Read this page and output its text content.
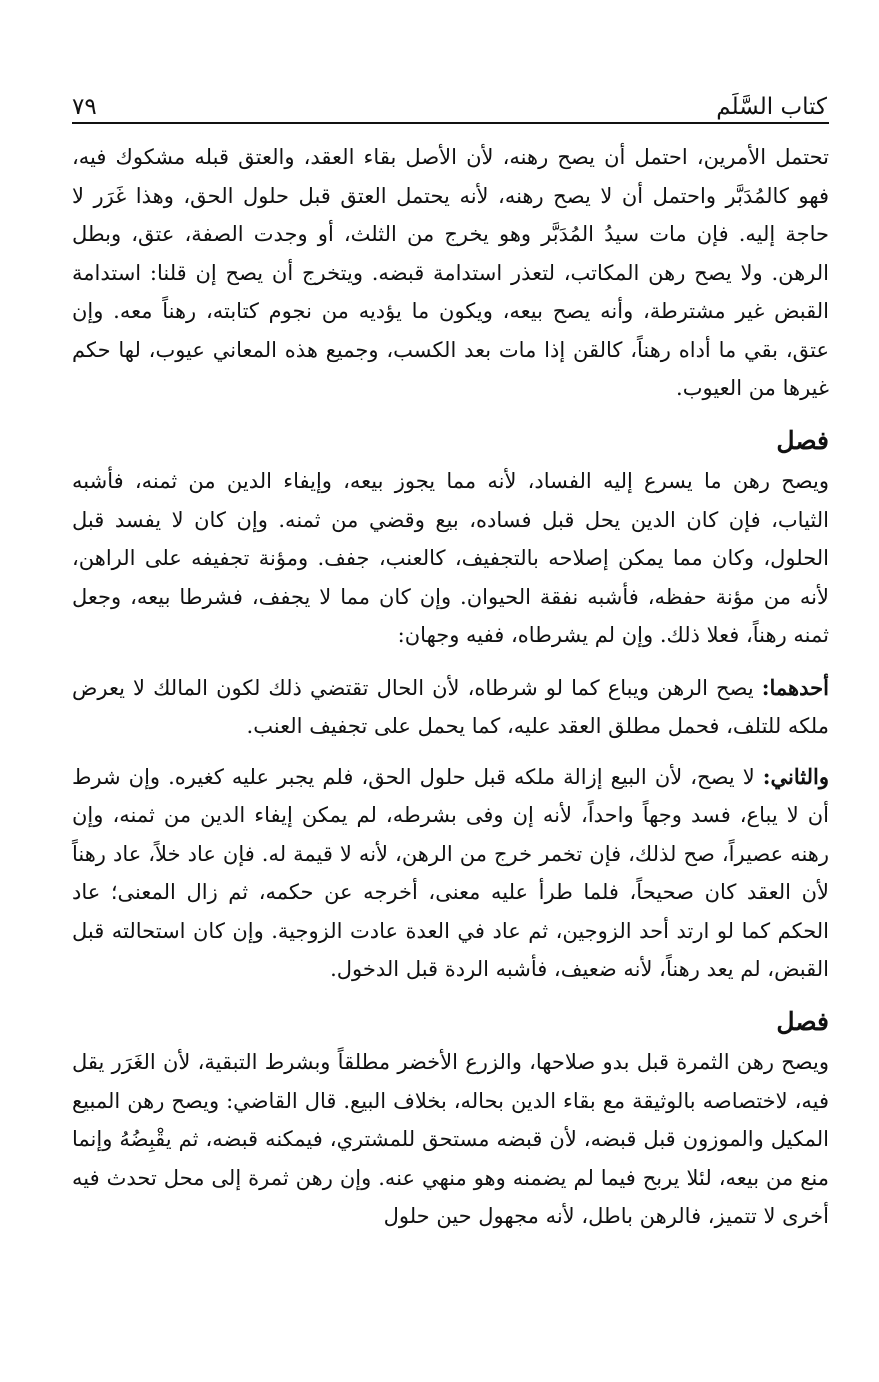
كتاب السَّلَم
٧٩

تحتمل الأمرين، احتمل أن يصح رهنه، لأن الأصل بقاء العقد، والعتق قبله مشكوك فيه، فهو كالمُدَبَّر واحتمل أن لا يصح رهنه، لأنه يحتمل العتق قبل حلول الحق، وهذا غَرَر لا حاجة إليه. فإن مات سيدُ المُدَبَّر وهو يخرج من الثلث، أو وجدت الصفة، عتق، وبطل الرهن. ولا يصح رهن المكاتب، لتعذر استدامة قبضه. ويتخرج أن يصح إن قلنا: استدامة القبض غير مشترطة، وأنه يصح بيعه، ويكون ما يؤديه من نجوم كتابته، رهناً معه. وإن عتق، بقي ما أداه رهناً، كالقن إذا مات بعد الكسب، وجميع هذه المعاني عيوب، لها حكم غيرها من العيوب.

فصل

ويصح رهن ما يسرع إليه الفساد، لأنه مما يجوز بيعه، وإيفاء الدين من ثمنه، فأشبه الثياب، فإن كان الدين يحل قبل فساده، بيع وقضي من ثمنه. وإن كان لا يفسد قبل الحلول، وكان مما يمكن إصلاحه بالتجفيف، كالعنب، جفف. ومؤنة تجفيفه على الراهن، لأنه من مؤنة حفظه، فأشبه نفقة الحيوان. وإن كان مما لا يجفف، فشرطا بيعه، وجعل ثمنه رهناً، فعلا ذلك. وإن لم يشرطاه، ففيه وجهان:

أحدهما: يصح الرهن ويباع كما لو شرطاه، لأن الحال تقتضي ذلك لكون المالك لا يعرض ملكه للتلف، فحمل مطلق العقد عليه، كما يحمل على تجفيف العنب.

والثاني: لا يصح، لأن البيع إزالة ملكه قبل حلول الحق، فلم يجبر عليه كغيره. وإن شرط أن لا يباع، فسد وجهاً واحداً، لأنه إن وفى بشرطه، لم يمكن إيفاء الدين من ثمنه، وإن رهنه عصيراً، صح لذلك، فإن تخمر خرج من الرهن، لأنه لا قيمة له. فإن عاد خلاً، عاد رهناً لأن العقد كان صحيحاً، فلما طرأ عليه معنى، أخرجه عن حكمه، ثم زال المعنى؛ عاد الحكم كما لو ارتد أحد الزوجين، ثم عاد في العدة عادت الزوجية. وإن كان استحالته قبل القبض، لم يعد رهناً، لأنه ضعيف، فأشبه الردة قبل الدخول.

فصل

ويصح رهن الثمرة قبل بدو صلاحها، والزرع الأخضر مطلقاً وبشرط التبقية، لأن الغَرَر يقل فيه، لاختصاصه بالوثيقة مع بقاء الدين بحاله، بخلاف البيع. قال القاضي: ويصح رهن المبيع المكيل والموزون قبل قبضه، لأن قبضه مستحق للمشتري، فيمكنه قبضه، ثم يقْبِضُهُ وإنما منع من بيعه، لئلا يربح فيما لم يضمنه وهو منهي عنه. وإن رهن ثمرة إلى محل تحدث فيه أخرى لا تتميز، فالرهن باطل، لأنه مجهول حين حلول
